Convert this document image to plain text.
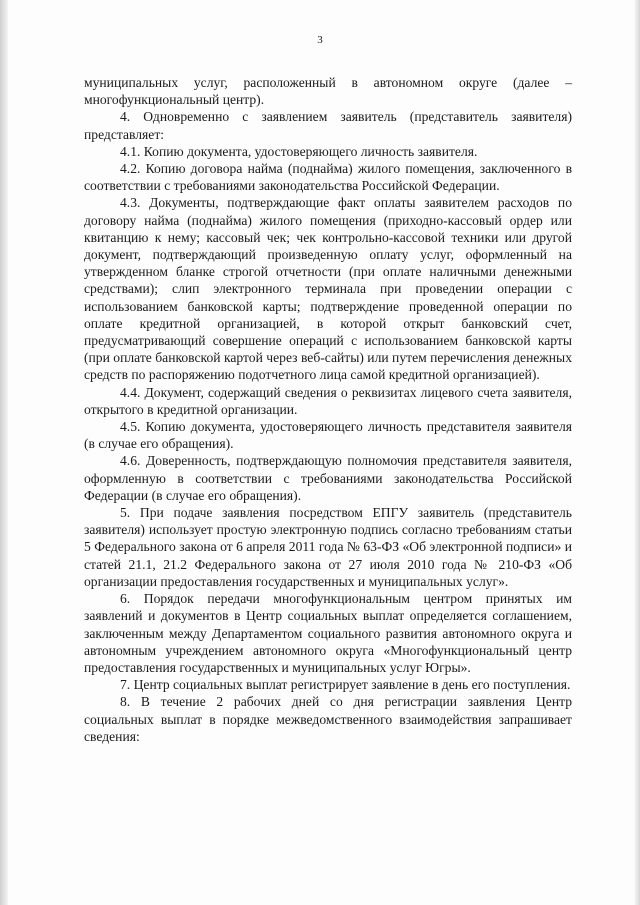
3

муниципальных услуг, расположенный в автономном округе (далее – многофункциональный центр).

4. Одновременно с заявлением заявитель (представитель заявителя) представляет:

4.1. Копию документа, удостоверяющего личность заявителя.

4.2. Копию договора найма (поднайма) жилого помещения, заключенного в соответствии с требованиями законодательства Российской Федерации.

4.3. Документы, подтверждающие факт оплаты заявителем расходов по договору найма (поднайма) жилого помещения (приходно-кассовый ордер или квитанцию к нему; кассовый чек; чек контрольно-кассовой техники или другой документ, подтверждающий произведенную оплату услуг, оформленный на утвержденном бланке строгой отчетности (при оплате наличными денежными средствами); слип электронного терминала при проведении операции с использованием банковской карты; подтверждение проведенной операции по оплате кредитной организацией, в которой открыт банковский счет, предусматривающий совершение операций с использованием банковской карты (при оплате банковской картой через веб-сайты) или путем перечисления денежных средств по распоряжению подотчетного лица самой кредитной организацией).

4.4. Документ, содержащий сведения о реквизитах лицевого счета заявителя, открытого в кредитной организации.

4.5. Копию документа, удостоверяющего личность представителя заявителя (в случае его обращения).

4.6. Доверенность, подтверждающую полномочия представителя заявителя, оформленную в соответствии с требованиями законодательства Российской Федерации (в случае его обращения).

5. При подаче заявления посредством ЕПГУ заявитель (представитель заявителя) использует простую электронную подпись согласно требованиям статьи 5 Федерального закона от 6 апреля 2011 года № 63-ФЗ «Об электронной подписи» и статей 21.1, 21.2 Федерального закона от 27 июля 2010 года № 210-ФЗ «Об организации предоставления государственных и муниципальных услуг».

6. Порядок передачи многофункциональным центром принятых им заявлений и документов в Центр социальных выплат определяется соглашением, заключенным между Департаментом социального развития автономного округа и автономным учреждением автономного округа «Многофункциональный центр предоставления государственных и муниципальных услуг Югры».

7. Центр социальных выплат регистрирует заявление в день его поступления.

8. В течение 2 рабочих дней со дня регистрации заявления Центр социальных выплат в порядке межведомственного взаимодействия запрашивает сведения:
